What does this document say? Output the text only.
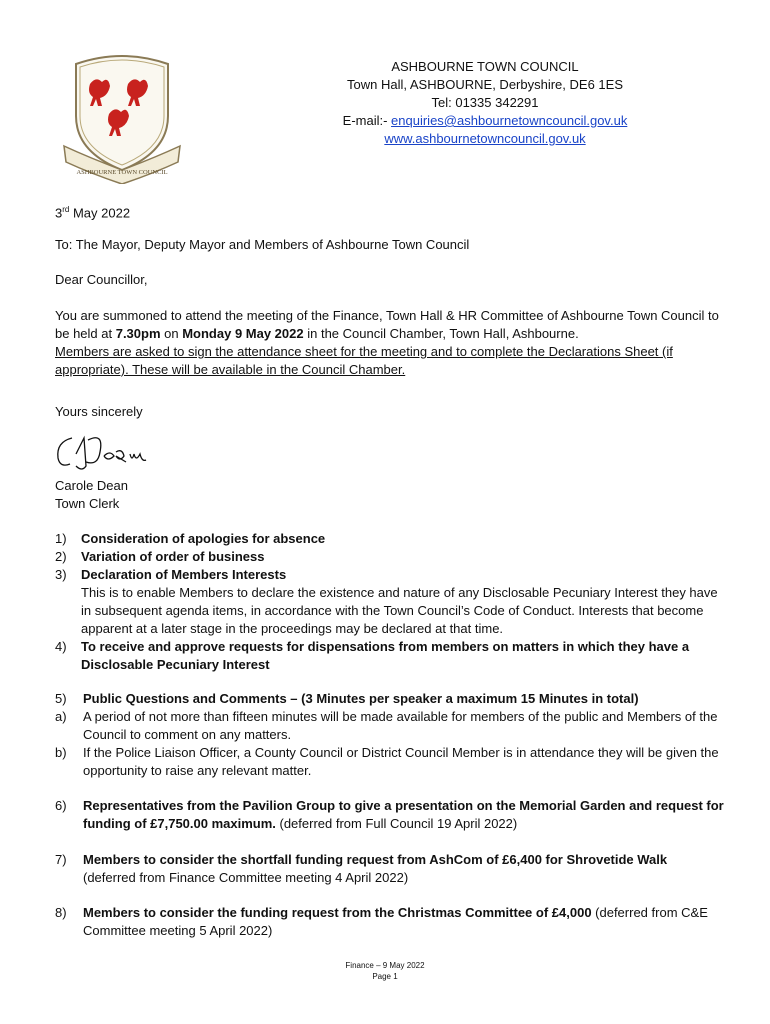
ASHBOURNE TOWN COUNCIL
ASHBOURNE TOWN COUNCIL
Town Hall, ASHBOURNE, Derbyshire, DE6 1ES
Tel: 01335 342291
E-mail:- enquiries@ashbournetowncouncil.gov.uk
www.ashbournetowncouncil.gov.uk
3rd May 2022
To: The Mayor, Deputy Mayor and Members of Ashbourne Town Council
Dear Councillor,
You are summoned to attend the meeting of the Finance, Town Hall & HR Committee of Ashbourne Town Council to be held at 7.30pm on Monday 9 May 2022 in the Council Chamber, Town Hall, Ashbourne.
Members are asked to sign the attendance sheet for the meeting and to complete the Declarations Sheet (if appropriate). These will be available in the Council Chamber.
Yours sincerely
Carole Dean
Town Clerk
1)	Consideration of apologies for absence
2)	Variation of order of business
3)	Declaration of Members Interests
This is to enable Members to declare the existence and nature of any Disclosable Pecuniary Interest they have in subsequent agenda items, in accordance with the Town Council’s Code of Conduct. Interests that become apparent at a later stage in the proceedings may be declared at that time.
4)	To receive and approve requests for dispensations from members on matters in which they have a Disclosable Pecuniary Interest
5)	Public Questions and Comments – (3 Minutes per speaker a maximum 15 Minutes in total)
a)	A period of not more than fifteen minutes will be made available for members of the public and Members of the Council to comment on any matters.
b)	If the Police Liaison Officer, a County Council or District Council Member is in attendance they will be given the opportunity to raise any relevant matter.
6)	Representatives from the Pavilion Group to give a presentation on the Memorial Garden and request for funding of £7,750.00 maximum. (deferred from Full Council 19 April 2022)
7)	Members to consider the shortfall funding request from AshCom of £6,400 for Shrovetide Walk
(deferred from Finance Committee meeting 4 April 2022)
8)	Members to consider the funding request from the Christmas Committee of £4,000 (deferred from C&E Committee meeting 5 April 2022)
Finance – 9 May 2022
Page 1
